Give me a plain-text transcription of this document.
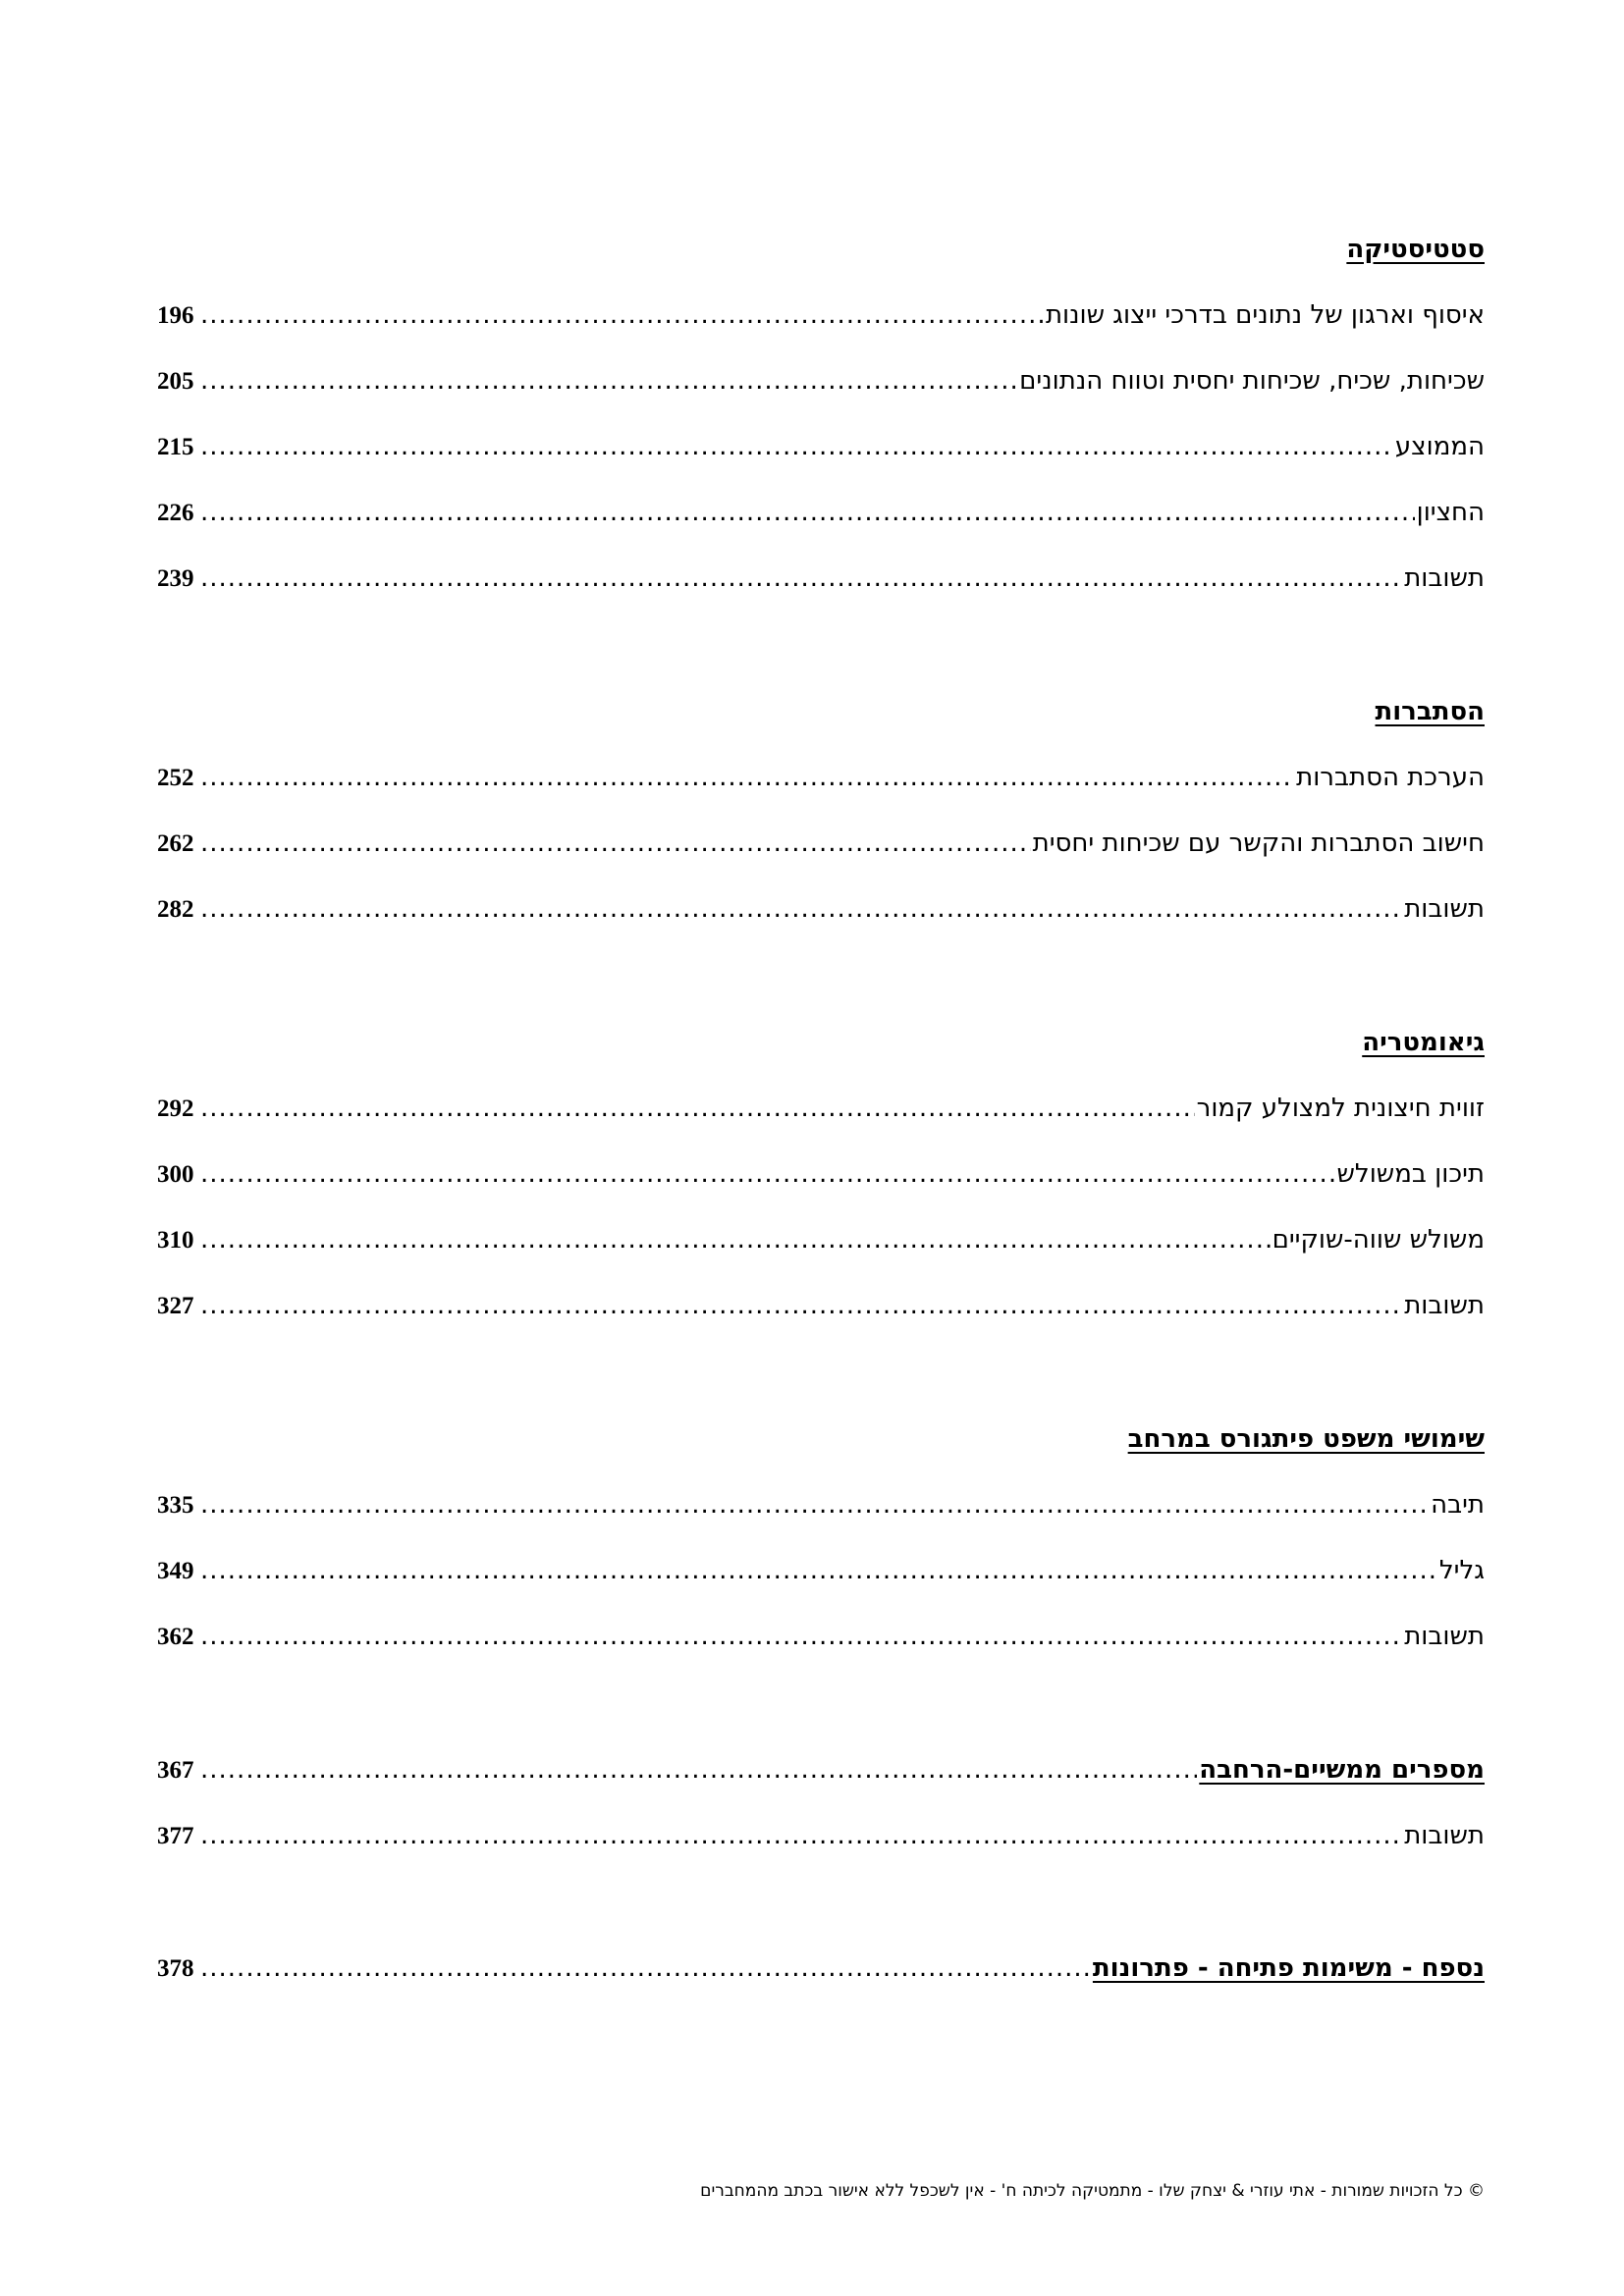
סטטיסטיקה
איסוף וארגון של נתונים בדרכי ייצוג שונות
.....
196
שכיחות, שכיח, שכיחות יחסית וטווח הנתונים
.....
205
הממוצע
.....
215
החציון
.....
226
תשובות
.....
239
הסתברות
הערכת הסתברות
.....
252
חישוב הסתברות והקשר עם שכיחות יחסית
.....
262
תשובות
.....
282
גיאומטריה
זווית חיצונית למצולע קמור
.....
292
תיכון במשולש
.....
300
משולש שווה-שוקיים
.....
310
תשובות
.....
327
שימושי משפט פיתגורס במרחב
תיבה
.....
335
גליל
.....
349
תשובות
.....
362
מספרים ממשיים-הרחבה
.....
367
תשובות
.....
377
נספח - משימות פתיחה - פתרונות
.....
378
© כל הזכויות שמורות - אתי עוזרי & יצחק שלו - מתמטיקה לכיתה ח' - אין לשכפל ללא אישור בכתב מהמחברים
